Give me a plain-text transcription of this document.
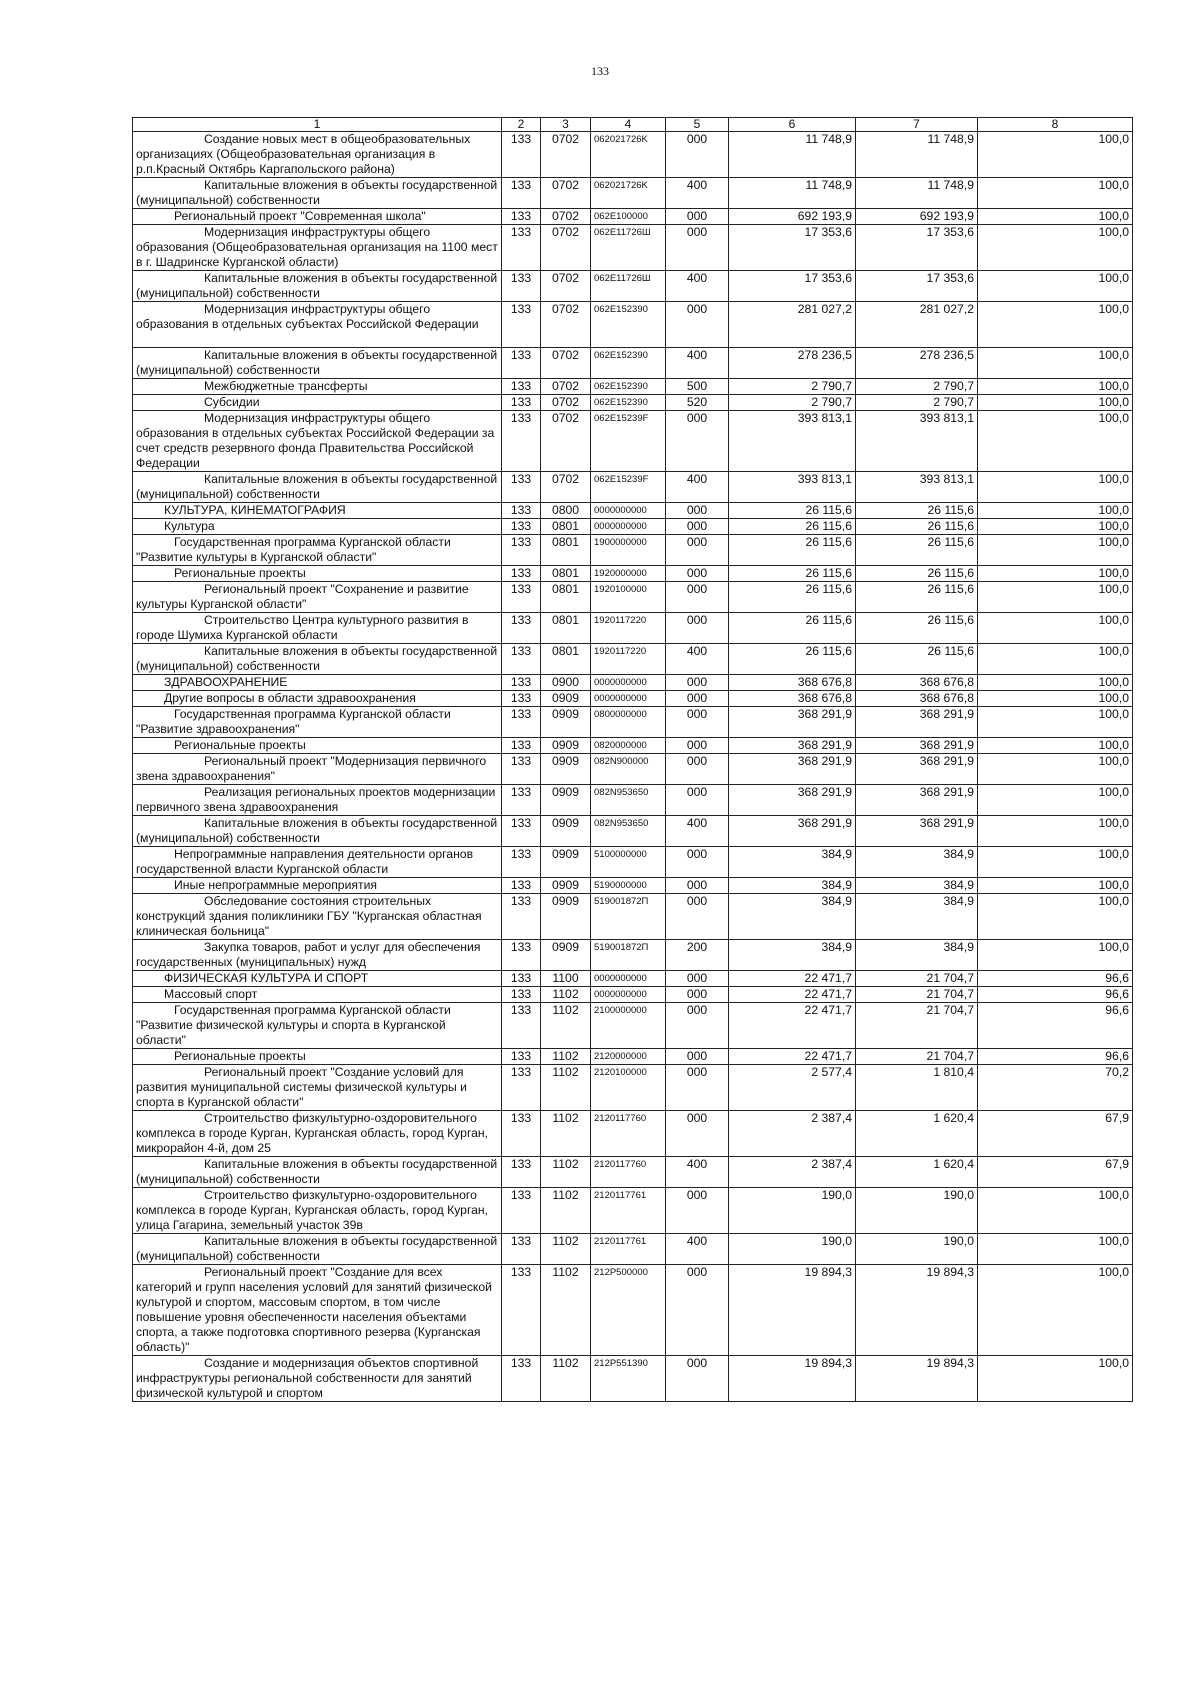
133
1	2	3	4	5	6	7	8
Создание новых мест в общеобразовательных организациях (Общеобразовательная организация в р.п.Красный Октябрь Каргапольского района)	133	0702	062021726K	000	11 748,9	11 748,9	100,0
Капитальные вложения в объекты государственной (муниципальной) собственности	133	0702	062021726K	400	11 748,9	11 748,9	100,0
Региональный проект "Современная школа"	133	0702	062E100000	000	692 193,9	692 193,9	100,0
Модернизация инфраструктуры общего образования (Общеобразовательная организация на 1100 мест в г. Шадринске Курганской области)	133	0702	062E11726Ш	000	17 353,6	17 353,6	100,0
Капитальные вложения в объекты государственной (муниципальной) собственности	133	0702	062E11726Ш	400	17 353,6	17 353,6	100,0
Модернизация инфраструктуры общего образования в отдельных субъектах Российской Федерации	133	0702	062E152390	000	281 027,2	281 027,2	100,0
Капитальные вложения в объекты государственной (муниципальной) собственности	133	0702	062E152390	400	278 236,5	278 236,5	100,0
Межбюджетные трансферты	133	0702	062E152390	500	2 790,7	2 790,7	100,0
Субсидии	133	0702	062E152390	520	2 790,7	2 790,7	100,0
Модернизация инфраструктуры общего образования в отдельных субъектах Российской Федерации за счет средств резервного фонда Правительства Российской Федерации	133	0702	062E15239F	000	393 813,1	393 813,1	100,0
Капитальные вложения в объекты государственной (муниципальной) собственности	133	0702	062E15239F	400	393 813,1	393 813,1	100,0
КУЛЬТУРА, КИНЕМАТОГРАФИЯ	133	0800	0000000000	000	26 115,6	26 115,6	100,0
Культура	133	0801	0000000000	000	26 115,6	26 115,6	100,0
Государственная программа Курганской области "Развитие культуры в Курганской области"	133	0801	1900000000	000	26 115,6	26 115,6	100,0
Региональные проекты	133	0801	1920000000	000	26 115,6	26 115,6	100,0
Региональный проект "Сохранение и развитие культуры Курганской области"	133	0801	1920100000	000	26 115,6	26 115,6	100,0
Строительство Центра культурного развития в городе Шумиха Курганской области	133	0801	1920117220	000	26 115,6	26 115,6	100,0
Капитальные вложения в объекты государственной (муниципальной) собственности	133	0801	1920117220	400	26 115,6	26 115,6	100,0
ЗДРАВООХРАНЕНИЕ	133	0900	0000000000	000	368 676,8	368 676,8	100,0
Другие вопросы в области здравоохранения	133	0909	0000000000	000	368 676,8	368 676,8	100,0
Государственная программа Курганской области "Развитие здравоохранения"	133	0909	0800000000	000	368 291,9	368 291,9	100,0
Региональные проекты	133	0909	0820000000	000	368 291,9	368 291,9	100,0
Региональный проект "Модернизация первичного звена здравоохранения"	133	0909	082N900000	000	368 291,9	368 291,9	100,0
Реализация региональных проектов модернизации первичного звена здравоохранения	133	0909	082N953650	000	368 291,9	368 291,9	100,0
Капитальные вложения в объекты государственной (муниципальной) собственности	133	0909	082N953650	400	368 291,9	368 291,9	100,0
Непрограммные направления деятельности органов государственной власти Курганской области	133	0909	5100000000	000	384,9	384,9	100,0
Иные непрограммные мероприятия	133	0909	5190000000	000	384,9	384,9	100,0
Обследование состояния строительных конструкций здания поликлиники ГБУ "Курганская областная клиническая больница"	133	0909	519001872П	000	384,9	384,9	100,0
Закупка товаров, работ и услуг для обеспечения государственных (муниципальных) нужд	133	0909	519001872П	200	384,9	384,9	100,0
ФИЗИЧЕСКАЯ КУЛЬТУРА И СПОРТ	133	1100	0000000000	000	22 471,7	21 704,7	96,6
Массовый спорт	133	1102	0000000000	000	22 471,7	21 704,7	96,6
Государственная программа Курганской области "Развитие физической культуры и спорта в Курганской области"	133	1102	2100000000	000	22 471,7	21 704,7	96,6
Региональные проекты	133	1102	2120000000	000	22 471,7	21 704,7	96,6
Региональный проект "Создание условий для развития муниципальной системы физической культуры и спорта в Курганской области"	133	1102	2120100000	000	2 577,4	1 810,4	70,2
Строительство физкультурно-оздоровительного комплекса в городе Курган, Курганская область, город Курган, микрорайон 4-й, дом 25	133	1102	2120117760	000	2 387,4	1 620,4	67,9
Капитальные вложения в объекты государственной (муниципальной) собственности	133	1102	2120117760	400	2 387,4	1 620,4	67,9
Строительство физкультурно-оздоровительного комплекса в городе Курган, Курганская область, город Курган, улица Гагарина, земельный участок 39в	133	1102	2120117761	000	190,0	190,0	100,0
Капитальные вложения в объекты государственной (муниципальной) собственности	133	1102	2120117761	400	190,0	190,0	100,0
Региональный проект "Создание для всех категорий и групп населения условий для занятий физической культурой и спортом, массовым спортом, в том числе повышение уровня обеспеченности населения объектами спорта, а также подготовка спортивного резерва (Курганская область)"	133	1102	212P500000	000	19 894,3	19 894,3	100,0
Создание и модернизация объектов спортивной инфраструктуры региональной собственности для занятий физической культурой и спортом	133	1102	212P551390	000	19 894,3	19 894,3	100,0
